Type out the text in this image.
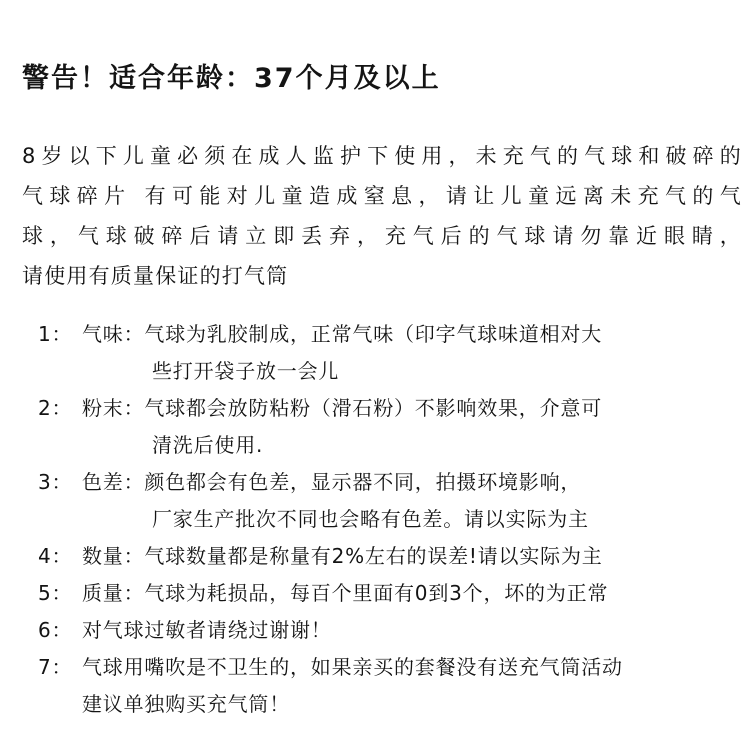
警告！适合年龄：37个月及以上
8岁以下儿童必须在成人监护下使用，未充气的气球和破碎的
气球碎片 有可能对儿童造成窒息，请让儿童远离未充气的气
球，气球破碎后请立即丢弃，充气后的气球请勿靠近眼睛，
请使用有质量保证的打气筒
1： 气味：气球为乳胶制成，正常气味（印字气球味道相对大
些打开袋子放一会儿
2： 粉末：气球都会放防粘粉（滑石粉）不影响效果，介意可
清洗后使用.
3： 色差：颜色都会有色差，显示器不同，拍摄环境影响，
厂家生产批次不同也会略有色差。请以实际为主
4： 数量：气球数量都是称量有2%左右的误差!请以实际为主
5： 质量：气球为耗损品，每百个里面有0到3个，坏的为正常
6： 对气球过敏者请绕过谢谢！
7： 气球用嘴吹是不卫生的，如果亲买的套餐没有送充气筒活动
建议单独购买充气筒！
